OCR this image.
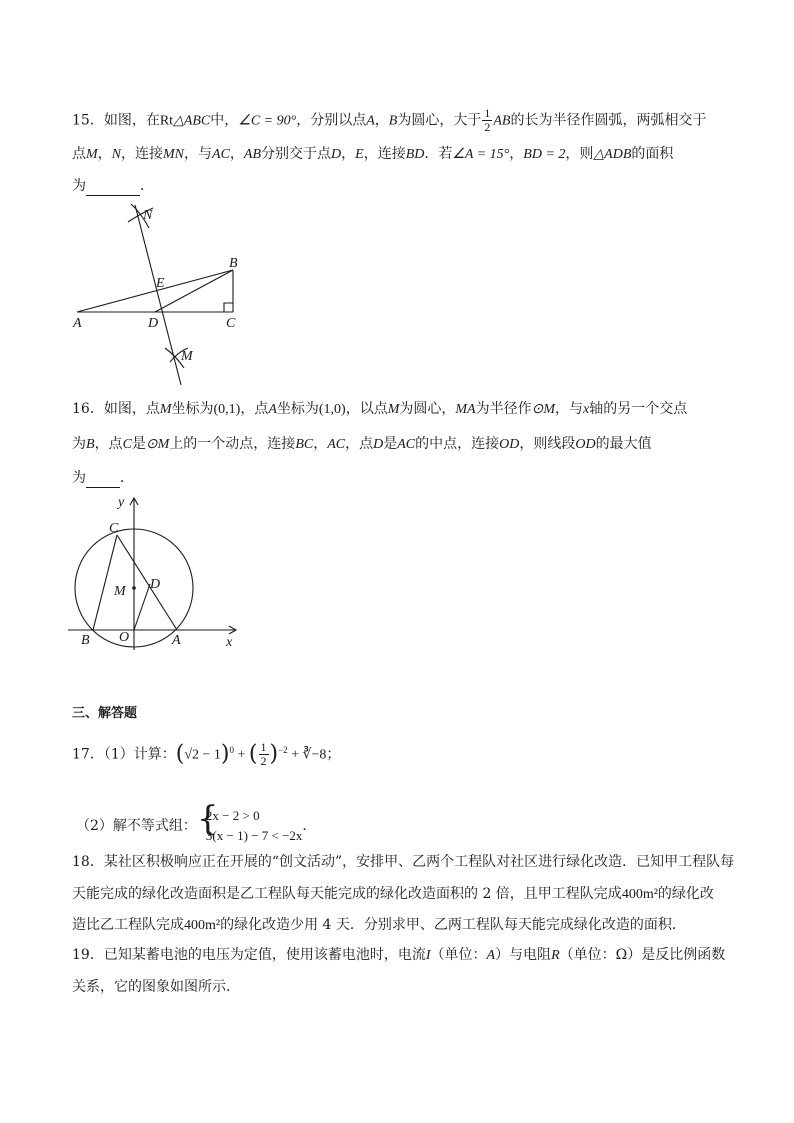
15．如图，在Rt△ABC中，∠C = 90°，分别以点A，B为圆心，大于 $\frac{1}{2}$ AB的长为半径作圆弧，两弧相交于
点M，N，连接MN，与AC，AB分别交于点D，E，连接BD．若∠A = 15°，BD = 2，则△ADB的面积
为	．
N
B
E
A	D	C
M
16．如图，点M坐标为(0,1)，点A坐标为(1,0)，以点M为圆心，MA为半径作⊙M，与x轴的另一个交点
为B，点C是⊙M上的一个动点，连接BC，AC，点D是AC的中点，连接OD，则线段OD的最大值
为 ．
y
C
M D
B O	A	x
三、解答题
17．（1）计算：$(√2 - 1)^0$ + ( $\frac{1}{2} )^{-2}$ + ∛−8；
（2）解不等式组： {
2x − 2 > 0
3(x − 1) − 7 < −2x
．
18．某社区积极响应正在开展的“创文活动”，安排甲、乙两个工程队对社区进行绿化改造．已知甲工程队每
天能完成的绿化改造面积是乙工程队每天能完成的绿化改造面积的 2 倍，且甲工程队完成400m²的绿化改
造比乙工程队完成400m²的绿化改造少用 4 天．分别求甲、乙两工程队每天能完成绿化改造的面积．
19．已知某蓄电池的电压为定值，使用该蓄电池时，电流I（单位：A）与电阻R（单位：Ω）是反比例函数
关系，它的图象如图所示．
